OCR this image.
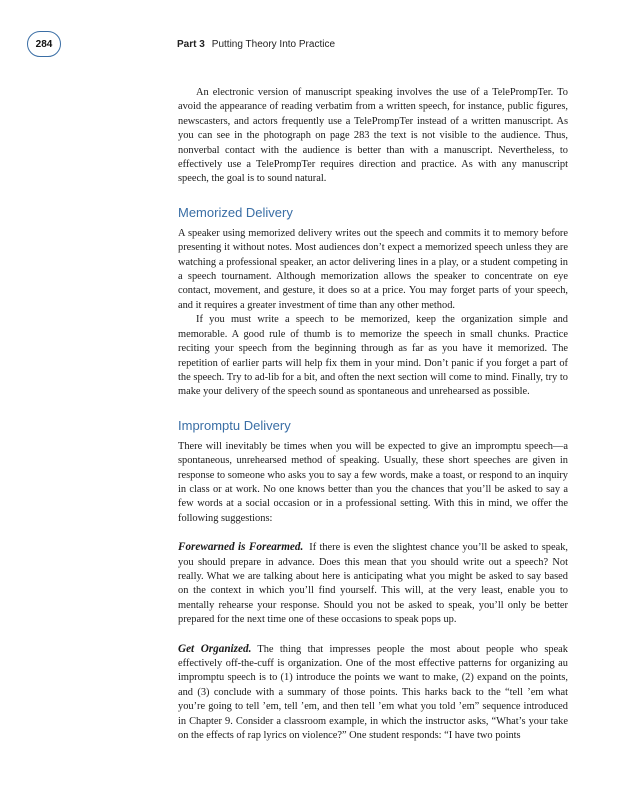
284	Part 3 Putting Theory Into Practice

An electronic version of manuscript speaking involves the use of a TelePrompTer. To avoid the appearance of reading verbatim from a written speech, for instance, public figures, newscasters, and actors frequently use a TelePrompTer instead of a written manuscript. As you can see in the photograph on page 283 the text is not visible to the audience. Thus, nonverbal contact with the audience is better than with a manuscript. Nevertheless, to effectively use a TelePrompTer requires direction and practice. As with any manuscript speech, the goal is to sound natural.

Memorized Delivery

A speaker using memorized delivery writes out the speech and commits it to memory before presenting it without notes. Most audiences don’t expect a memorized speech unless they are watching a professional speaker, an actor delivering lines in a play, or a student competing in a speech tournament. Although memorization allows the speaker to concentrate on eye contact, movement, and gesture, it does so at a price. You may forget parts of your speech, and it requires a greater investment of time than any other method.

If you must write a speech to be memorized, keep the organization simple and memorable. A good rule of thumb is to memorize the speech in small chunks. Practice reciting your speech from the beginning through as far as you have it memorized. The repetition of earlier parts will help fix them in your mind. Don’t panic if you forget a part of the speech. Try to ad-lib for a bit, and often the next section will come to mind. Finally, try to make your delivery of the speech sound as spontaneous and unrehearsed as possible.

Impromptu Delivery

There will inevitably be times when you will be expected to give an impromptu speech—a spontaneous, unrehearsed method of speaking. Usually, these short speeches are given in response to someone who asks you to say a few words, make a toast, or respond to an inquiry in class or at work. No one knows better than you the chances that you’ll be asked to say a few words at a social occasion or in a professional setting. With this in mind, we offer the following suggestions:

Forewarned is Forearmed. If there is even the slightest chance you’ll be asked to speak, you should prepare in advance. Does this mean that you should write out a speech? Not really. What we are talking about here is anticipating what you might be asked to say based on the context in which you’ll find yourself. This will, at the very least, enable you to mentally rehearse your response. Should you not be asked to speak, you’ll only be better prepared for the next time one of these occasions to speak pops up.

Get Organized. The thing that impresses people the most about people who speak effectively off-the-cuff is organization. One of the most effective patterns for organizing au impromptu speech is to (1) introduce the points we want to make, (2) expand on the points, and (3) conclude with a summary of those points. This harks back to the “tell ’em what you’re going to tell ’em, tell ’em, and then tell ’em what you told ’em” sequence introduced in Chapter 9. Consider a classroom example, in which the instructor asks, “What’s your take on the effects of rap lyrics on violence?” One student responds: “I have two points
